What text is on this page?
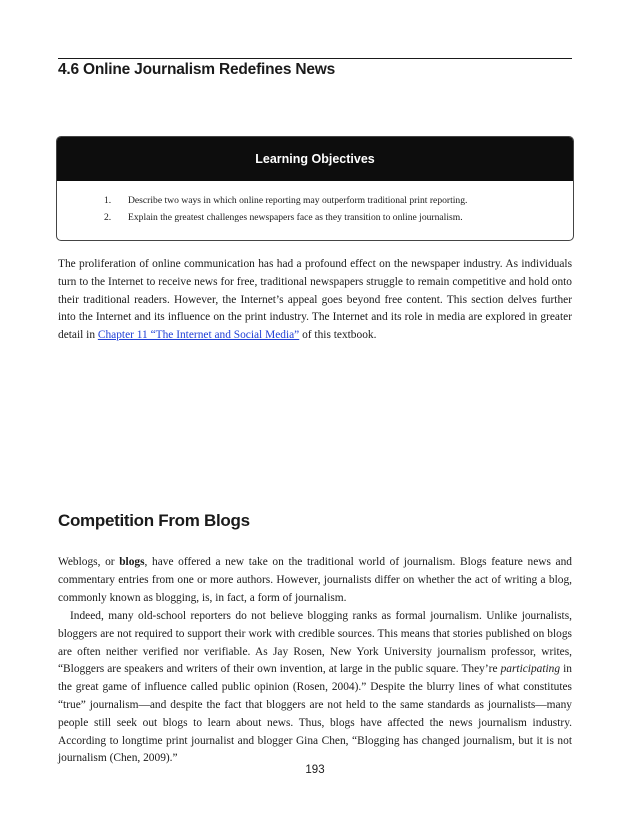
4.6 Online Journalism Redefines News
Learning Objectives
1.	Describe two ways in which online reporting may outperform traditional print reporting.
2.	Explain the greatest challenges newspapers face as they transition to online journalism.

The proliferation of online communication has had a profound effect on the newspaper industry. As individuals turn to the Internet to receive news for free, traditional newspapers struggle to remain competitive and hold onto their traditional readers. However, the Internet’s appeal goes beyond free content. This section delves further into the Internet and its influence on the print industry. The Internet and its role in media are explored in greater detail in Chapter 11 “The Internet and Social Media” of this textbook.

Competition From Blogs

Weblogs, or blogs, have offered a new take on the traditional world of journalism. Blogs feature news and commentary entries from one or more authors. However, journalists differ on whether the act of writing a blog, commonly known as blogging, is, in fact, a form of journalism.

Indeed, many old-school reporters do not believe blogging ranks as formal journalism. Unlike journalists, bloggers are not required to support their work with credible sources. This means that stories published on blogs are often neither verified nor verifiable. As Jay Rosen, New York University journalism professor, writes, “Bloggers are speakers and writers of their own invention, at large in the public square. They’re participating in the great game of influence called public opinion (Rosen, 2004).” Despite the blurry lines of what constitutes “true” journalism—and despite the fact that bloggers are not held to the same standards as journalists—many people still seek out blogs to learn about news. Thus, blogs have affected the news journalism industry. According to longtime print journalist and blogger Gina Chen, “Blogging has changed journalism, but it is not journalism (Chen, 2009).”

193
